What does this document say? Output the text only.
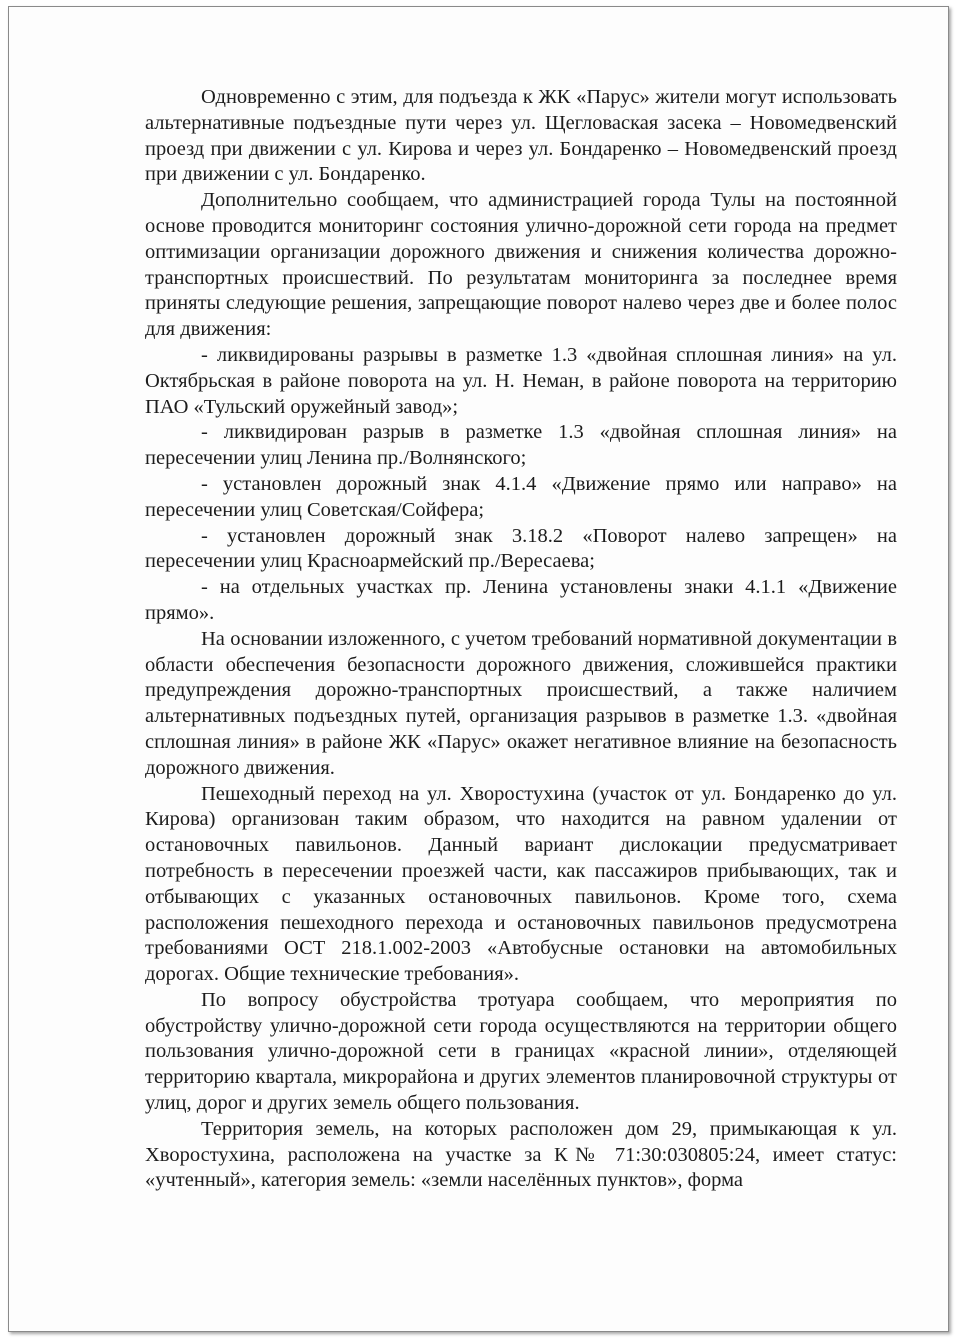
Одновременно с этим, для подъезда к ЖК «Парус» жители могут использовать альтернативные подъездные пути через ул. Щегловаская засека – Новомедвенский проезд при движении с ул. Кирова и через ул. Бондаренко – Новомедвенский проезд при движении с ул. Бондаренко.

Дополнительно сообщаем, что администрацией города Тулы на постоянной основе проводится мониторинг состояния улично-дорожной сети города на предмет оптимизации организации дорожного движения и снижения количества дорожно-транспортных происшествий. По результатам мониторинга за последнее время приняты следующие решения, запрещающие поворот налево через две и более полос для движения:

- ликвидированы разрывы в разметке 1.3 «двойная сплошная линия» на ул. Октябрьская в районе поворота на ул. Н. Неман, в районе поворота на территорию ПАО «Тульский оружейный завод»;

- ликвидирован разрыв в разметке 1.3 «двойная сплошная линия» на пересечении улиц Ленина пр./Волнянского;

- установлен дорожный знак 4.1.4 «Движение прямо или направо» на пересечении улиц Советская/Сойфера;

- установлен дорожный знак 3.18.2 «Поворот налево запрещен» на пересечении улиц Красноармейский пр./Вересаева;

- на отдельных участках пр. Ленина установлены знаки 4.1.1 «Движение прямо».

На основании изложенного, с учетом требований нормативной документации в области обеспечения безопасности дорожного движения, сложившейся практики предупреждения дорожно-транспортных происшествий, а также наличием альтернативных подъездных путей, организация разрывов в разметке 1.3. «двойная сплошная линия» в районе ЖК «Парус» окажет негативное влияние на безопасность дорожного движения.

Пешеходный переход на ул. Хворостухина (участок от ул. Бондаренко до ул. Кирова) организован таким образом, что находится на равном удалении от остановочных павильонов. Данный вариант дислокации предусматривает потребность в пересечении проезжей части, как пассажиров прибывающих, так и отбывающих с указанных остановочных павильонов. Кроме того, схема расположения пешеходного перехода и остановочных павильонов предусмотрена требованиями ОСТ 218.1.002-2003 «Автобусные остановки на автомобильных дорогах. Общие технические требования».

По вопросу обустройства тротуара сообщаем, что мероприятия по обустройству улично-дорожной сети города осуществляются на территории общего пользования улично-дорожной сети в границах «красной линии», отделяющей территорию квартала, микрорайона и других элементов планировочной структуры от улиц, дорог и других земель общего пользования.

Территория земель, на которых расположен дом 29, примыкающая к ул. Хворостухина, расположена на участке за К№ 71:30:030805:24, имеет статус: «учтенный», категория земель: «земли населённых пунктов», форма
